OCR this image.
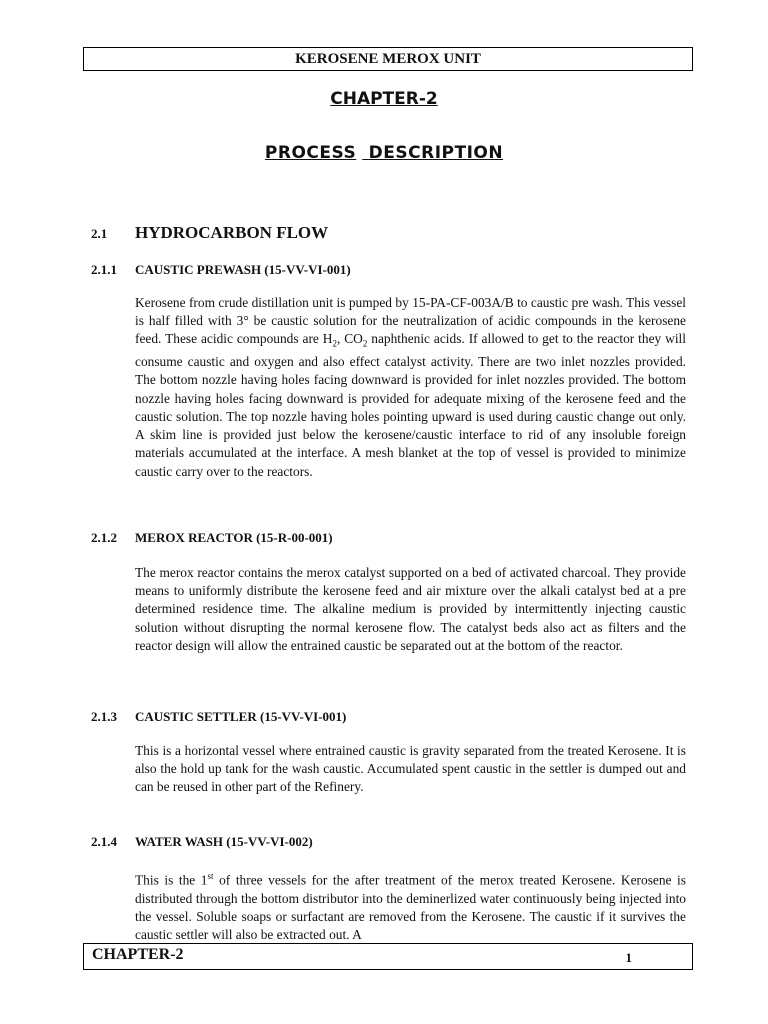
KEROSENE MEROX UNIT
CHAPTER-2
PROCESS DESCRIPTION
2.1 HYDROCARBON FLOW
2.1.1 CAUSTIC PREWASH (15-VV-VI-001)

Kerosene from crude distillation unit is pumped by 15-PA-CF-003A/B to caustic pre wash. This vessel is half filled with 3° be caustic solution for the neutralization of acidic compounds in the kerosene feed. These acidic compounds are $H_2$, $CO_2$ naphthenic acids. If allowed to get to the reactor they will consume caustic and oxygen and also effect catalyst activity. There are two inlet nozzles provided. The bottom nozzle having holes facing downward is provided for inlet nozzles provided. The bottom nozzle having holes facing downward is provided for adequate mixing of the kerosene feed and the caustic solution. The top nozzle having holes pointing upward is used during caustic change out only. A skim line is provided just below the kerosene/caustic interface to rid of any insoluble foreign materials accumulated at the interface. A mesh blanket at the top of vessel is provided to minimize caustic carry over to the reactors.

2.1.2 MEROX REACTOR (15-R-00-001)

The merox reactor contains the merox catalyst supported on a bed of activated charcoal. They provide means to uniformly distribute the kerosene feed and air mixture over the alkali catalyst bed at a pre determined residence time. The alkaline medium is provided by intermittently injecting caustic solution without disrupting the normal kerosene flow. The catalyst beds also act as filters and the reactor design will allow the entrained caustic be separated out at the bottom of the reactor.

2.1.3 CAUSTIC SETTLER (15-VV-VI-001)

This is a horizontal vessel where entrained caustic is gravity separated from the treated Kerosene. It is also the hold up tank for the wash caustic. Accumulated spent caustic in the settler is dumped out and can be reused in other part of the Refinery.

2.1.4 WATER WASH (15-VV-VI-002)

This is the 1st of three vessels for the after treatment of the merox treated Kerosene. Kerosene is distributed through the bottom distributor into the deminerlized water continuously being injected into the vessel. Soluble soaps or surfactant are removed from the Kerosene. The caustic if it survives the caustic settler will also be extracted out. A

CHAPTER-2	1
